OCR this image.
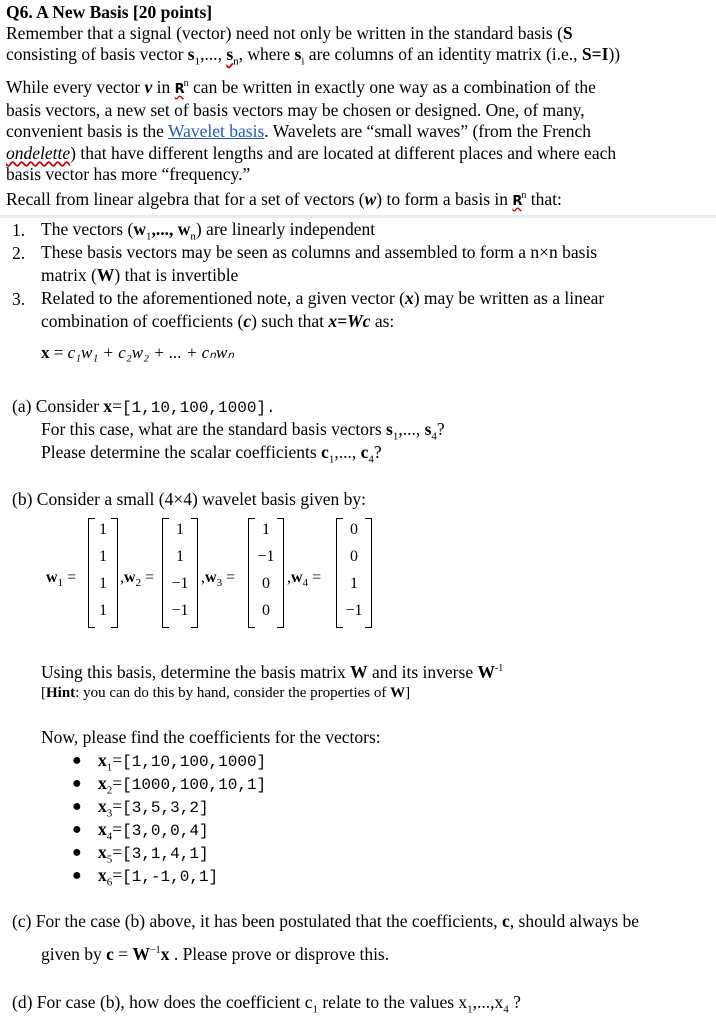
Q6. A New Basis [20 points]
Remember that a signal (vector) need not only be written in the standard basis (S
consisting of basis vector $s_1$,..., $s_n$, where $s_i$ are columns of an identity matrix (i.e., S=I))
While every vector v in $R^n$ can be written in exactly one way as a combination of the
basis vectors, a new set of basis vectors may be chosen or designed. One, of many,
convenient basis is the Wavelet basis. Wavelets are “small waves” (from the French
ondelette) that have different lengths and are located at different places and where each
basis vector has more “frequency.”
Recall from linear algebra that for a set of vectors (w) to form a basis in $R^n$ that:
1. The vectors ($w_1$,..., $w_n$) are linearly independent
2. These basis vectors may be seen as columns and assembled to form a n×n basis
matrix (W) that is invertible
3. Related to the aforementioned note, a given vector (x) may be written as a linear
combination of coefficients (c) such that x=Wc as:
x = c₁w₁ + c₂w₂ + ... + cₙwₙ
(a) Consider x=[1,10,100,1000].
For this case, what are the standard basis vectors $s_1$,..., $s_4$?
Please determine the scalar coefficients $c_1$,..., $c_4$?
(b) Consider a small (4×4) wavelet basis given by:
$w_1$ =
1
1
1
1
$,w_2$ =
1
1
−1
−1
$,w_3$ =
1
−1
0
0
$,w_4$ =
0
0
1
−1
Using this basis, determine the basis matrix W and its inverse $W^{-1}$
[Hint: you can do this by hand, consider the properties of W]
Now, please find the coefficients for the vectors:
● $x_1=[1,10,100,1000]$
● $x_2=[1000,100,10,1]$
● $x_3=[3,5,3,2]$
● $x_4=[3,0,0,4]$
● $x_5=[3,1,4,1]$
● $x_6=[1,-1,0,1]$
(c) For the case (b) above, it has been postulated that the coefficients, c, should always be
given by $c = W^{-1}x$ . Please prove or disprove this.
(d) For case (b), how does the coefficient $c_1$ relate to the values $x_1,...,x_4$ ?
